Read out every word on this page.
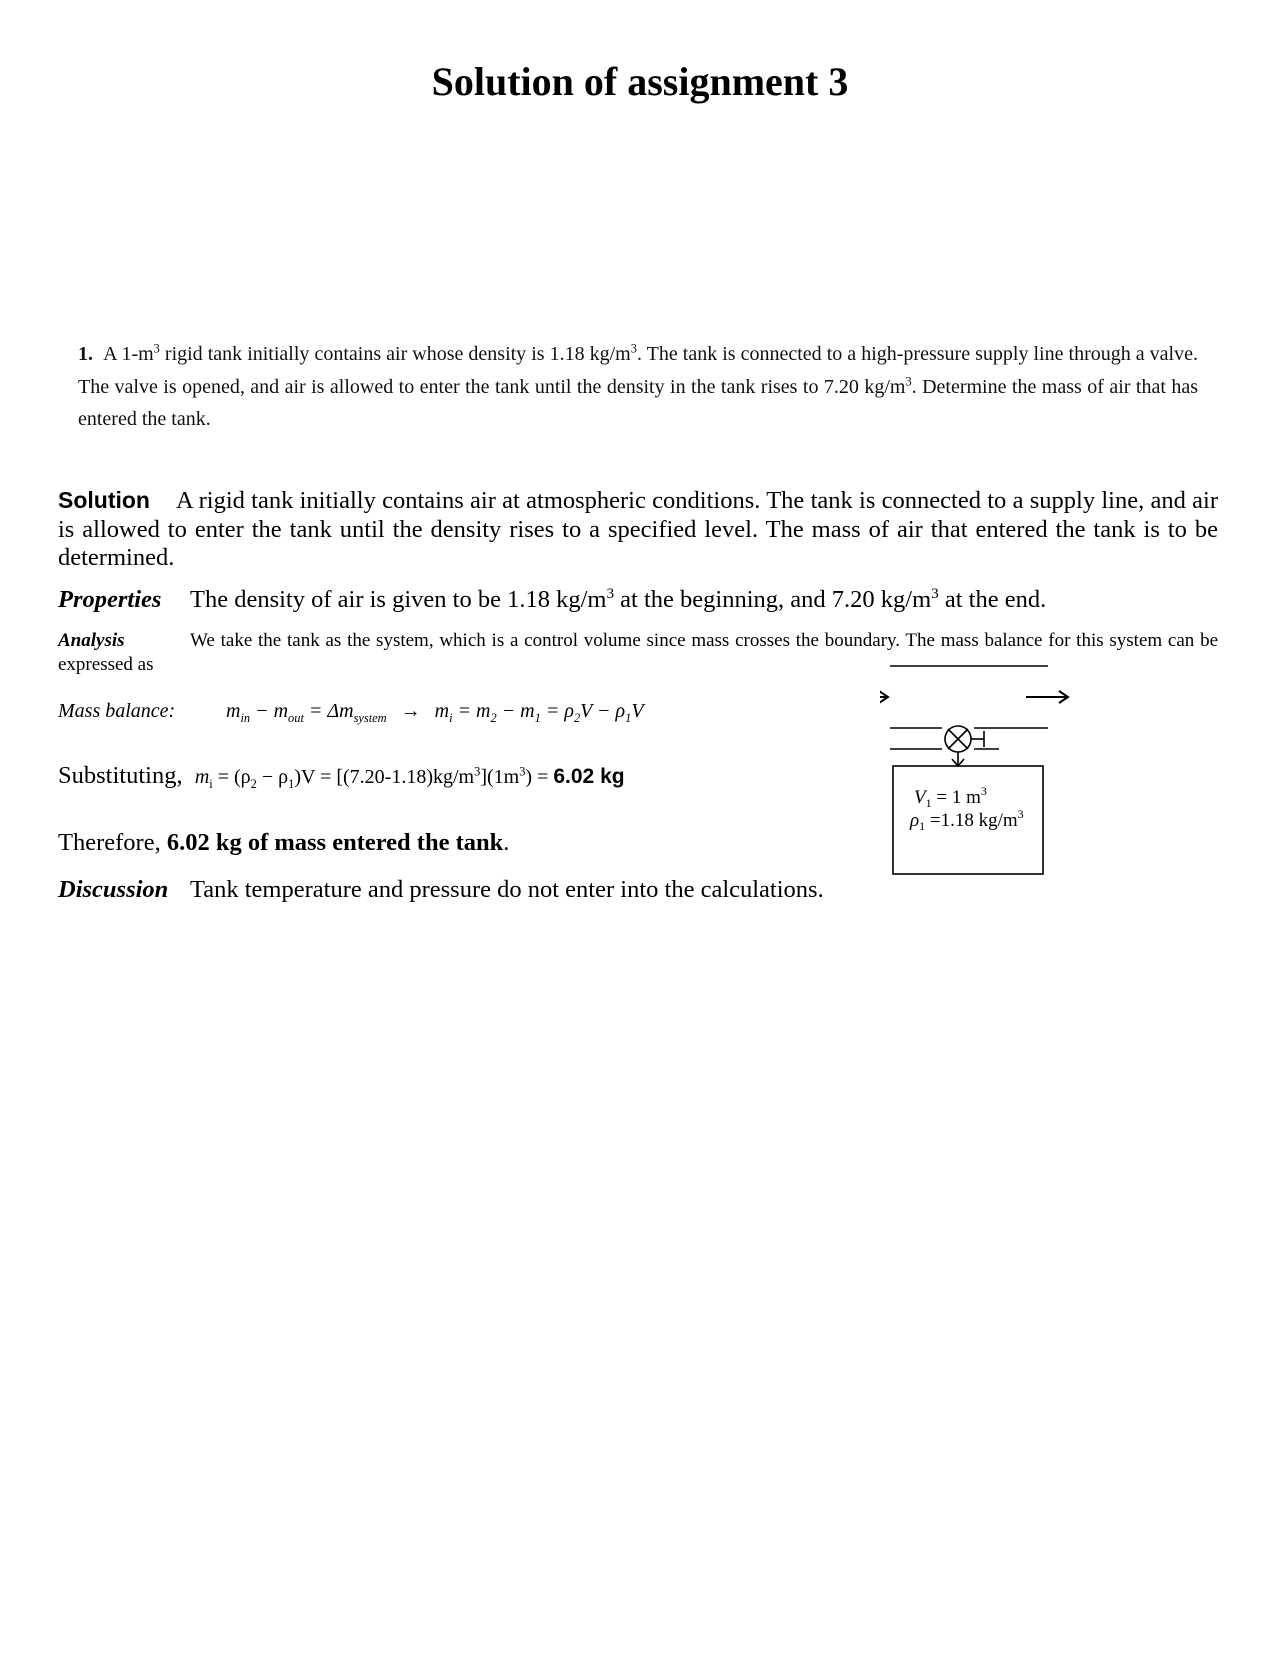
Solution of assignment 3

1. A $1-m^3$ rigid tank initially contains air whose density is 1.18 $kg/m^3$. The tank is connected to a high-pressure supply line through a valve. The valve is opened, and air is allowed to enter the tank until the density in the tank rises to 7.20 $kg/m^3$. Determine the mass of air that has entered the tank.

Solution A rigid tank initially contains air at atmospheric conditions. The tank is connected to a supply line, and air is allowed to enter the tank until the density rises to a specified level. The mass of air that entered the tank is to be determined.

Properties The density of air is given to be 1.18 $kg/m^3$ at the beginning, and 7.20 $kg/m^3$ at the end.

Analysis	We take the tank as the system, which is a control volume since mass crosses the boundary. The mass balance for this system can be expressed as

Mass balance:	$m_{in} - m_{out} = \Delta m_{system} \to m_i = m_2 - m_1 = \rho_2V - \rho_1V$

Substituting, $m_i = (\rho_2 - \rho_1)V = [(7.20-1.18)kg/m^3](1m^3) = 6.02$ kg

Therefore, 6.02 kg of mass entered the tank.

Discussion Tank temperature and pressure do not enter into the calculations.

$V_1 = 1$ $m^3$
$\rho_1 =1.18$ $kg/m^3$
